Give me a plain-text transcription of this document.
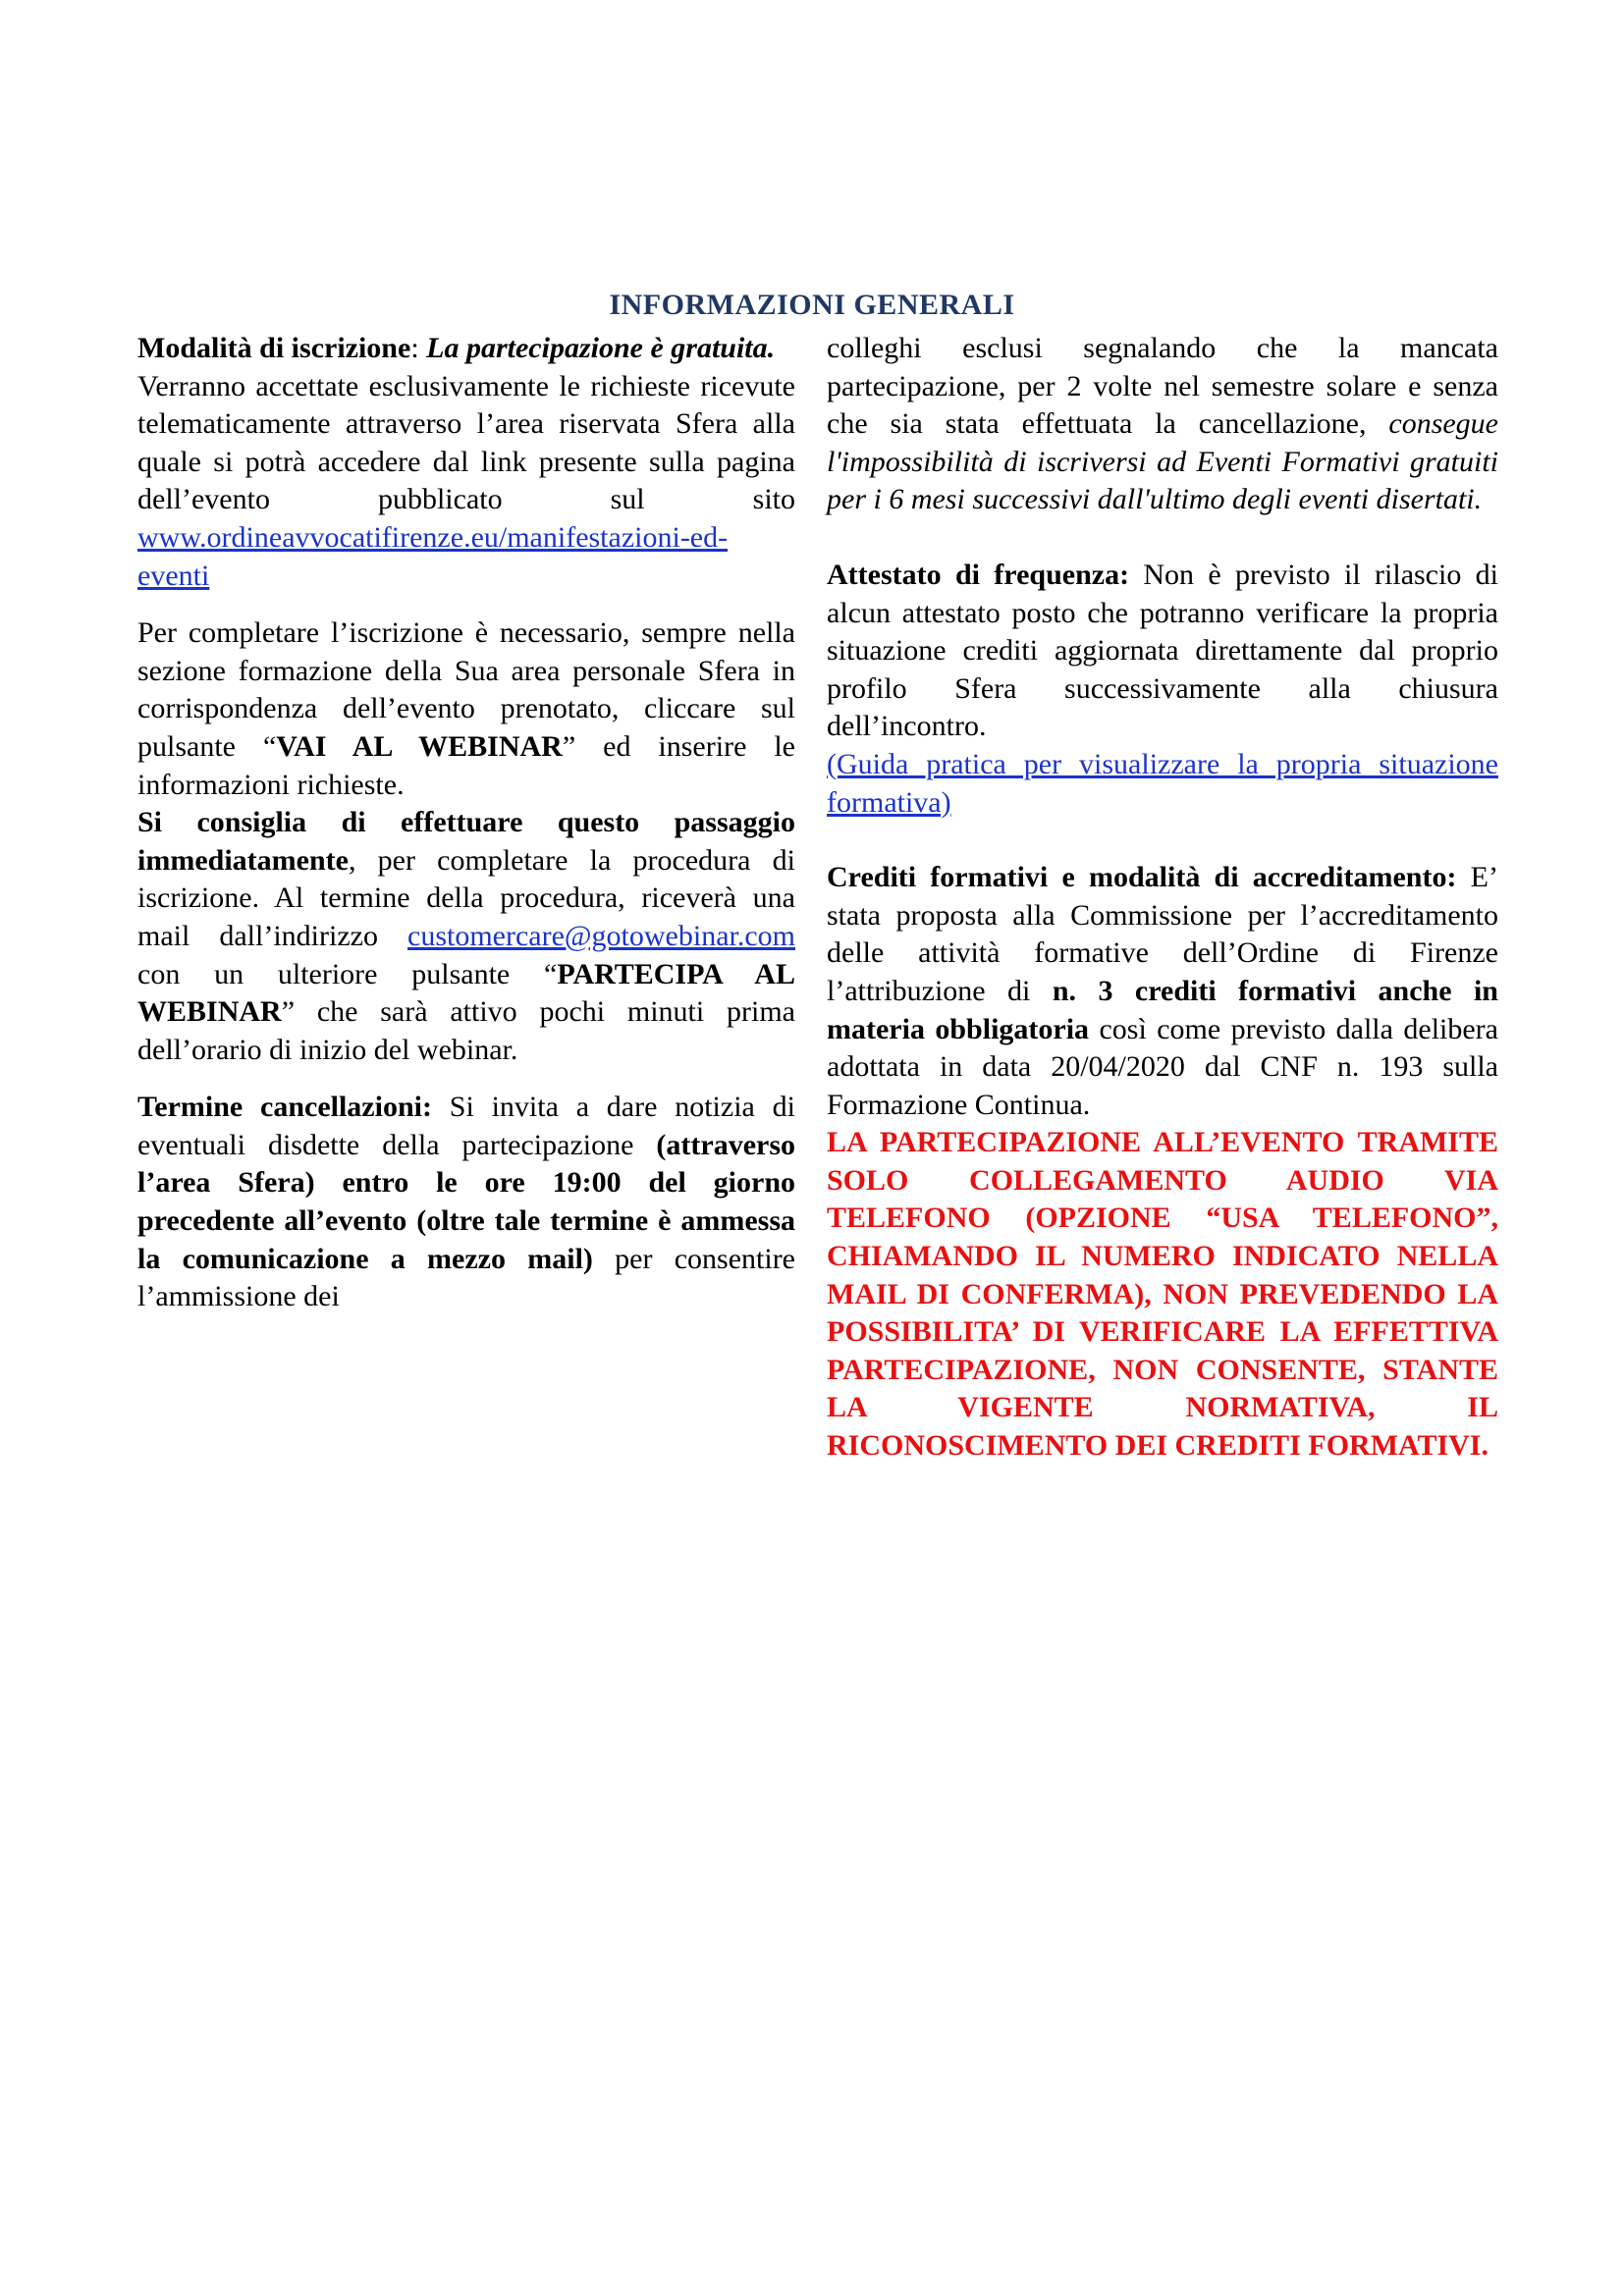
INFORMAZIONI GENERALI

Modalità di iscrizione: La partecipazione è gratuita.
Verranno accettate esclusivamente le richieste ricevute telematicamente attraverso l’area riservata Sfera alla quale si potrà accedere dal link presente sulla pagina dell’evento pubblicato sul sito www.ordineavvocatifirenze.eu/manifestazioni-ed-eventi

Per completare l’iscrizione è necessario, sempre nella sezione formazione della Sua area personale Sfera in corrispondenza dell’evento prenotato, cliccare sul pulsante “VAI AL WEBINAR” ed inserire le informazioni richieste.

Si consiglia di effettuare questo passaggio immediatamente, per completare la procedura di iscrizione. Al termine della procedura, riceverà una mail dall’indirizzo customercare@gotowebinar.com con un ulteriore pulsante “PARTECIPA AL WEBINAR” che sarà attivo pochi minuti prima dell’orario di inizio del webinar.

Termine cancellazioni: Si invita a dare notizia di eventuali disdette della partecipazione (attraverso l’area Sfera) entro le ore 19:00 del giorno precedente all’evento (oltre tale termine è ammessa la comunicazione a mezzo mail) per consentire l’ammissione dei

colleghi esclusi segnalando che la mancata partecipazione, per 2 volte nel semestre solare e senza che sia stata effettuata la cancellazione, consegue l'impossibilità di iscriversi ad Eventi Formativi gratuiti per i 6 mesi successivi dall'ultimo degli eventi disertati.

Attestato di frequenza: Non è previsto il rilascio di alcun attestato posto che potranno verificare la propria situazione crediti aggiornata direttamente dal proprio profilo Sfera successivamente alla chiusura dell’incontro.
(Guida pratica per visualizzare la propria situazione formativa)

Crediti formativi e modalità di accreditamento: E’ stata proposta alla Commissione per l’accreditamento delle attività formative dell’Ordine di Firenze l’attribuzione di n. 3 crediti formativi anche in materia obbligatoria così come previsto dalla delibera adottata in data 20/04/2020 dal CNF n. 193 sulla Formazione Continua.

LA PARTECIPAZIONE ALL’EVENTO TRAMITE SOLO COLLEGAMENTO AUDIO VIA TELEFONO (OPZIONE “USA TELEFONO”, CHIAMANDO IL NUMERO INDICATO NELLA MAIL DI CONFERMA), NON PREVEDENDO LA POSSIBILITA’ DI VERIFICARE LA EFFETTIVA PARTECIPAZIONE, NON CONSENTE, STANTE LA VIGENTE NORMATIVA, IL RICONOSCIMENTO DEI CREDITI FORMATIVI.
